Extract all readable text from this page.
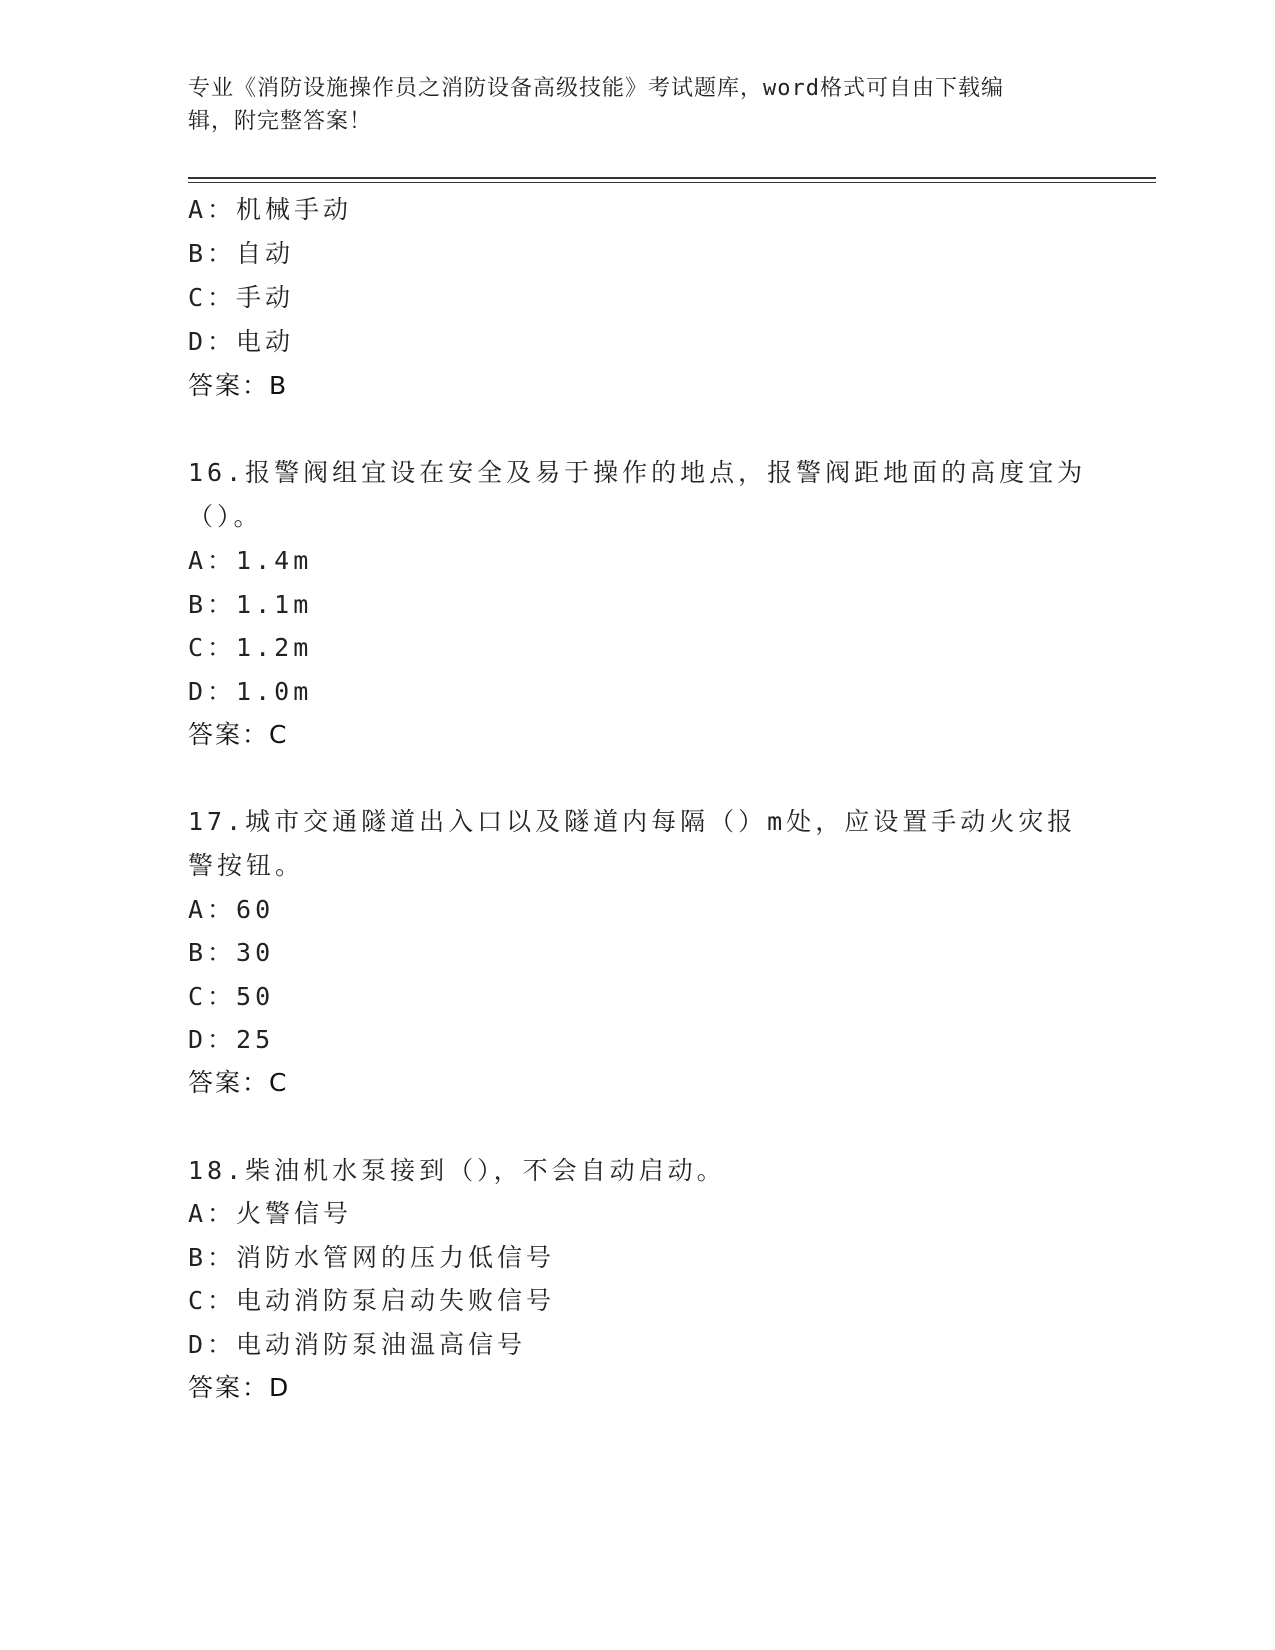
专业《消防设施操作员之消防设备高级技能》考试题库，word格式可自由下载编
辑，附完整答案！
A：机械手动
B：自动
C：手动
D：电动
答案：B
16.报警阀组宜设在安全及易于操作的地点，报警阀距地面的高度宜为
（）。
A：1.4m
B：1.1m
C：1.2m
D：1.0m
答案：C
17.城市交通隧道出入口以及隧道内每隔（）m处，应设置手动火灾报
警按钮。
A：60
B：30
C：50
D：25
答案：C
18.柴油机水泵接到（），不会自动启动。
A：火警信号
B：消防水管网的压力低信号
C：电动消防泵启动失败信号
D：电动消防泵油温高信号
答案：D
